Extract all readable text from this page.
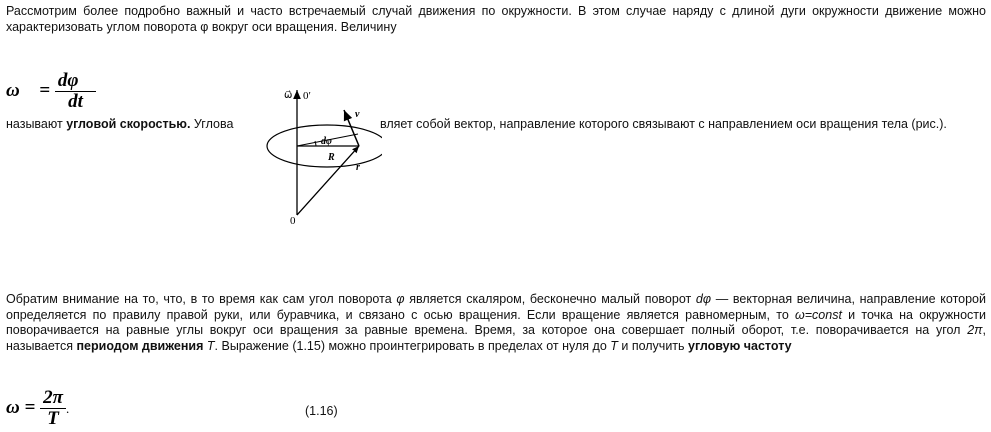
Рассмотрим более подробно важный и часто встречаемый случай движения по окружности. В этом случае наряду с длиной дуги окружности движение можно характеризовать углом поворота φ вокруг оси вращения. Величину
ω⃗ = $\frac{d\varphi⃗}{dt}$
называют угловой скоростью. Углова	вляет собой вектор, направление которого связывают с направлением оси вращения тела (рис.).
ω⃗ 0′
0
dφ
R
v⃗
r⃗
Обратим внимание на то, что, в то время как сам угол поворота φ является скаляром, бесконечно малый поворот dφ — векторная величина, направление которой определяется по правилу правой руки, или буравчика, и связано с осью вращения. Если вращение является равномерным, то ω=const и точка на окружности поворачивается на равные углы вокруг оси вращения за равные времена. Время, за которое она совершает полный оборот, т.е. поворачивается на угол 2π, называется периодом движения T. Выражение (1.15) можно проинтегрировать в пределах от нуля до T и получить угловую частоту
$\omega = \frac{2\pi}{T}$ .	(1.16)
